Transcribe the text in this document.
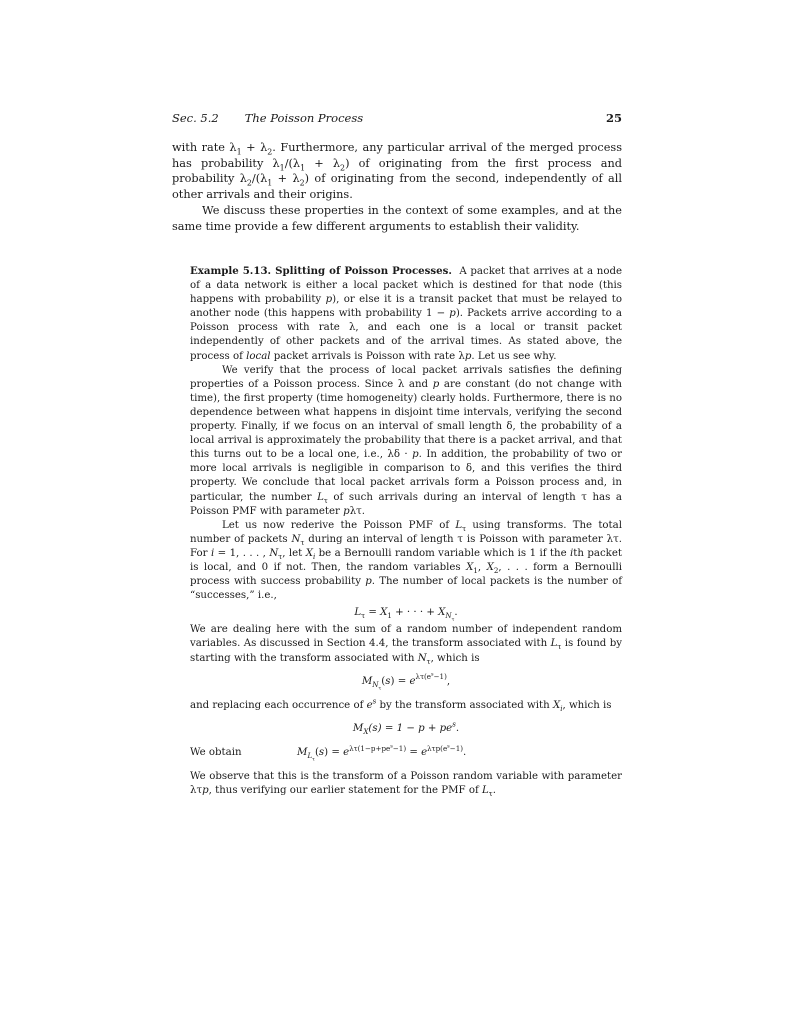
Sec. 5.2 The Poisson Process	25

with rate $\lambda_1 + \lambda_2$. Furthermore, any particular arrival of the merged process has probability $\lambda_1/(\lambda_1 + \lambda_2)$ of originating from the first process and probability $\lambda_2/(\lambda_1 + \lambda_2)$ of originating from the second, independently of all other arrivals and their origins.

We discuss these properties in the context of some examples, and at the same time provide a few different arguments to establish their validity.

Example 5.13. Splitting of Poisson Processes. A packet that arrives at a node of a data network is either a local packet which is destined for that node (this happens with probability p), or else it is a transit packet that must be relayed to another node (this happens with probability 1 − p). Packets arrive according to a Poisson process with rate λ, and each one is a local or transit packet independently of other packets and of the arrival times. As stated above, the process of local packet arrivals is Poisson with rate λp. Let us see why.

We verify that the process of local packet arrivals satisfies the defining properties of a Poisson process. Since λ and p are constant (do not change with time), the first property (time homogeneity) clearly holds. Furthermore, there is no dependence between what happens in disjoint time intervals, verifying the second property. Finally, if we focus on an interval of small length δ, the probability of a local arrival is approximately the probability that there is a packet arrival, and that this turns out to be a local one, i.e., λδ · p. In addition, the probability of two or more local arrivals is negligible in comparison to δ, and this verifies the third property. We conclude that local packet arrivals form a Poisson process and, in particular, the number $L_\tau$ of such arrivals during an interval of length τ has a Poisson PMF with parameter pλτ.

Let us now rederive the Poisson PMF of $L_\tau$ using transforms. The total number of packets $N_\tau$ during an interval of length τ is Poisson with parameter λτ. For i = 1, . . . , $N_\tau$, let $X_i$ be a Bernoulli random variable which is 1 if the ith packet is local, and 0 if not. Then, the random variables $X_1$, $X_2$, . . . form a Bernoulli process with success probability p. The number of local packets is the number of “successes,” i.e.,

$L_\tau = X_1$ + · · · + $X_{N_\tau}$.

We are dealing here with the sum of a random number of independent random variables. As discussed in Section 4.4, the transform associated with $L_\tau$ is found by starting with the transform associated with $N_\tau$, which is

$M_{N_\tau}(s) = e^{\lambda\tau(e^s-1)}$,

and replacing each occurrence of $e^s$ by the transform associated with $X_i$, which is

$M_X(s) = 1 - p + pe^s$.
We obtain	$M_{L_\tau}(s) = e^{\lambda\tau(1-p+pe^s-1)} = e^{\lambda\tau p(e^s-1)}$.

We observe that this is the transform of a Poisson random variable with parameter λτp, thus verifying our earlier statement for the PMF of $L_\tau$.
